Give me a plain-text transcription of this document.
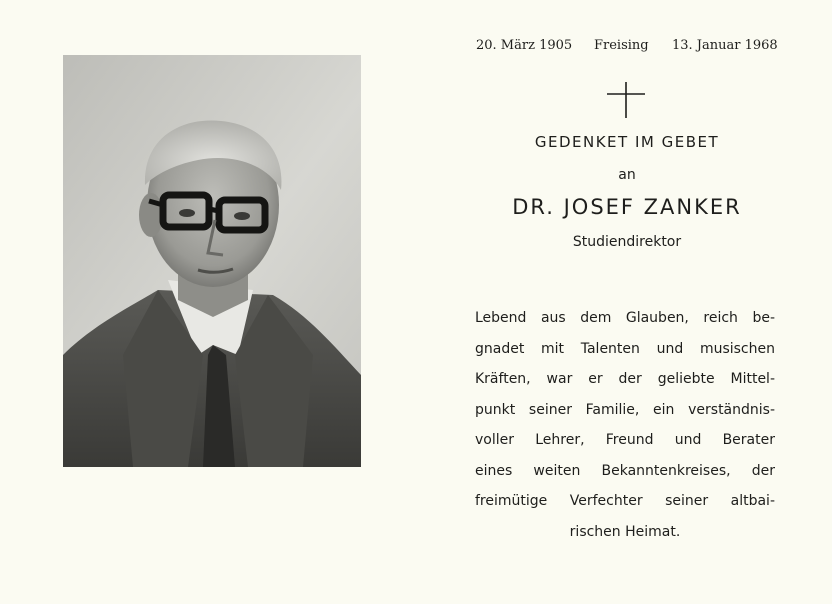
20. März 1905 Freising 13. Januar 1968
GEDENKET IM GEBET
an
DR. JOSEF ZANKER
Studiendirektor
Lebend aus dem Glauben, reich be-
gnadet mit Talenten und musischen
Kräften, war er der geliebte Mittel-
punkt seiner Familie, ein verständnis-
voller Lehrer, Freund und Berater
eines weiten Bekanntenkreises, der
freimütige Verfechter seiner altbai-
rischen Heimat.
